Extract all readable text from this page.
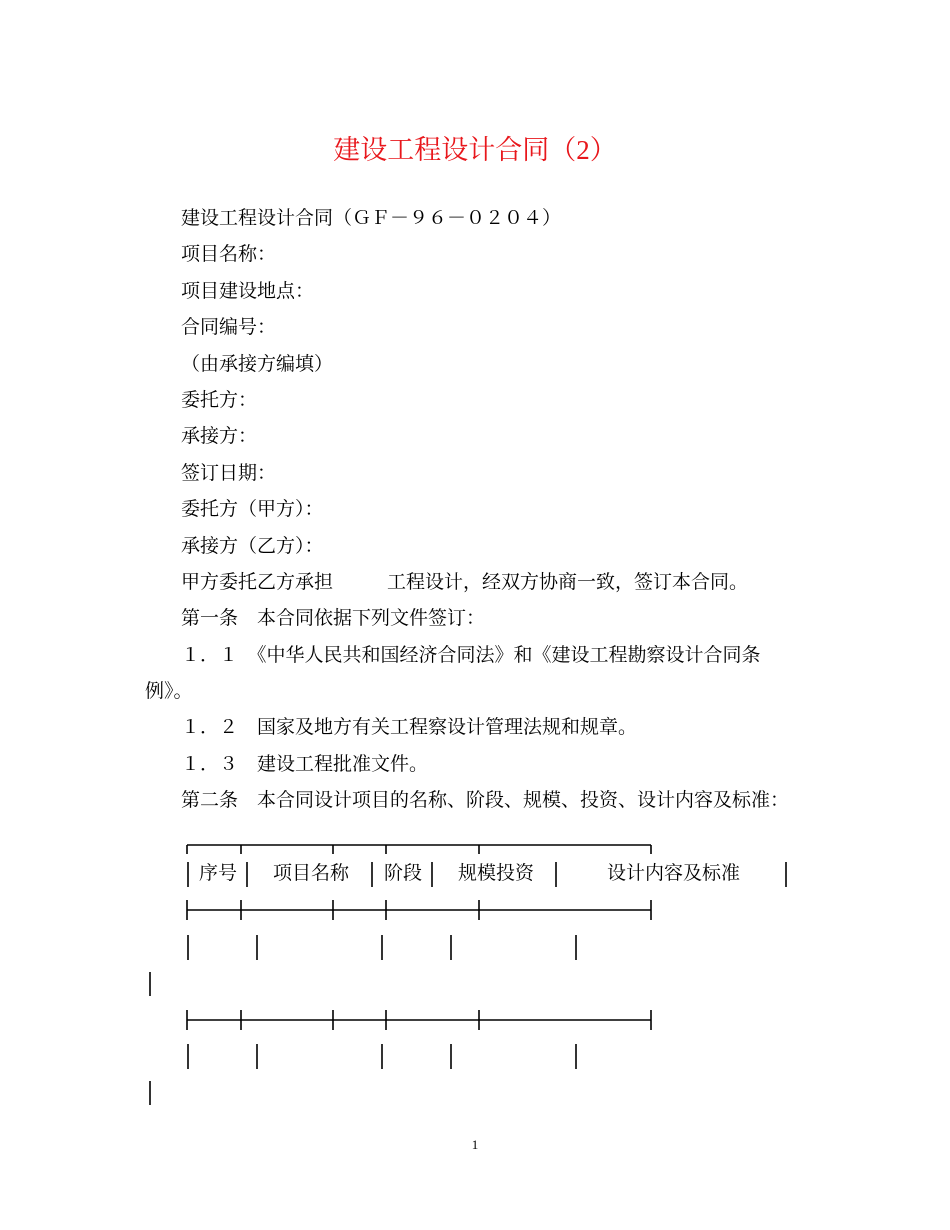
建设工程设计合同（2）
建设工程设计合同（ＧＦ－９６－０２０４）
项目名称：
项目建设地点：
合同编号：
（由承接方编填）
委托方：
承接方：
签订日期：
委托方（甲方）：
承接方（乙方）：
甲方委托乙方承担	工程设计，经双方协商一致，签订本合同。
第一条　本合同依据下列文件签订：
１．１　《中华人民共和国经济合同法》和《建设工程勘察设计合同条
例》。
１．２　国家及地方有关工程察设计管理法规和规章。
１．３　建设工程批准文件。
第二条　本合同设计项目的名称、阶段、规模、投资、设计内容及标准：
序号 项目名称 阶段 规模投资	设计内容及标准
1
